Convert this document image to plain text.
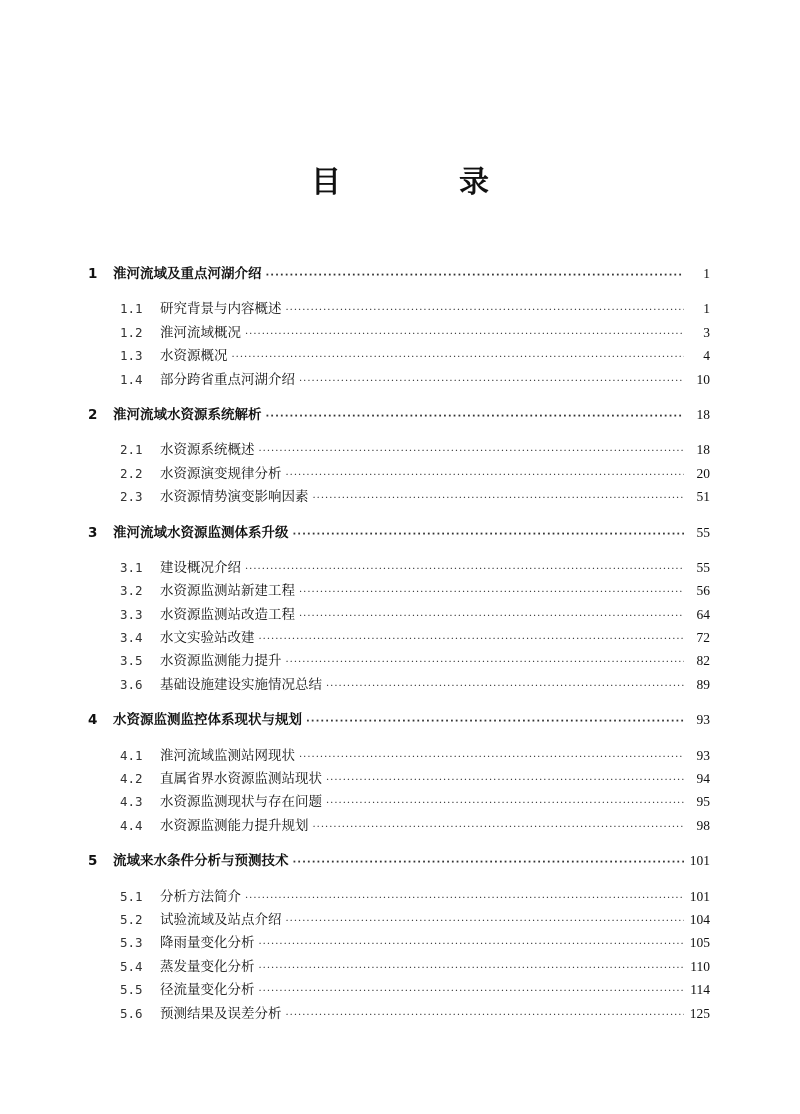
目　录
1	淮河流域及重点河湖介绍 ·····	1
1.1	研究背景与内容概述 ·····	1
1.2	淮河流域概况 ·····	3
1.3	水资源概况 ·····	4
1.4	部分跨省重点河湖介绍 ·····	10
2	淮河流域水资源系统解析 ·····	18
2.1	水资源系统概述 ·····	18
2.2	水资源演变规律分析 ·····	20
2.3	水资源情势演变影响因素 ·····	51
3	淮河流域水资源监测体系升级 ·····	55
3.1	建设概况介绍 ·····	55
3.2	水资源监测站新建工程 ·····	56
3.3	水资源监测站改造工程 ·····	64
3.4	水文实验站改建 ·····	72
3.5	水资源监测能力提升 ·····	82
3.6	基础设施建设实施情况总结 ·····	89
4	水资源监测监控体系现状与规划 ·····	93
4.1	淮河流域监测站网现状 ·····	93
4.2	直属省界水资源监测站现状 ·····	94
4.3	水资源监测现状与存在问题 ·····	95
4.4	水资源监测能力提升规划 ·····	98
5	流域来水条件分析与预测技术 ·····	101
5.1	分析方法简介 ·····	101
5.2	试验流域及站点介绍 ·····	104
5.3	降雨量变化分析 ·····	105
5.4	蒸发量变化分析 ·····	110
5.5	径流量变化分析 ·····	114
5.6	预测结果及误差分析 ·····	125
